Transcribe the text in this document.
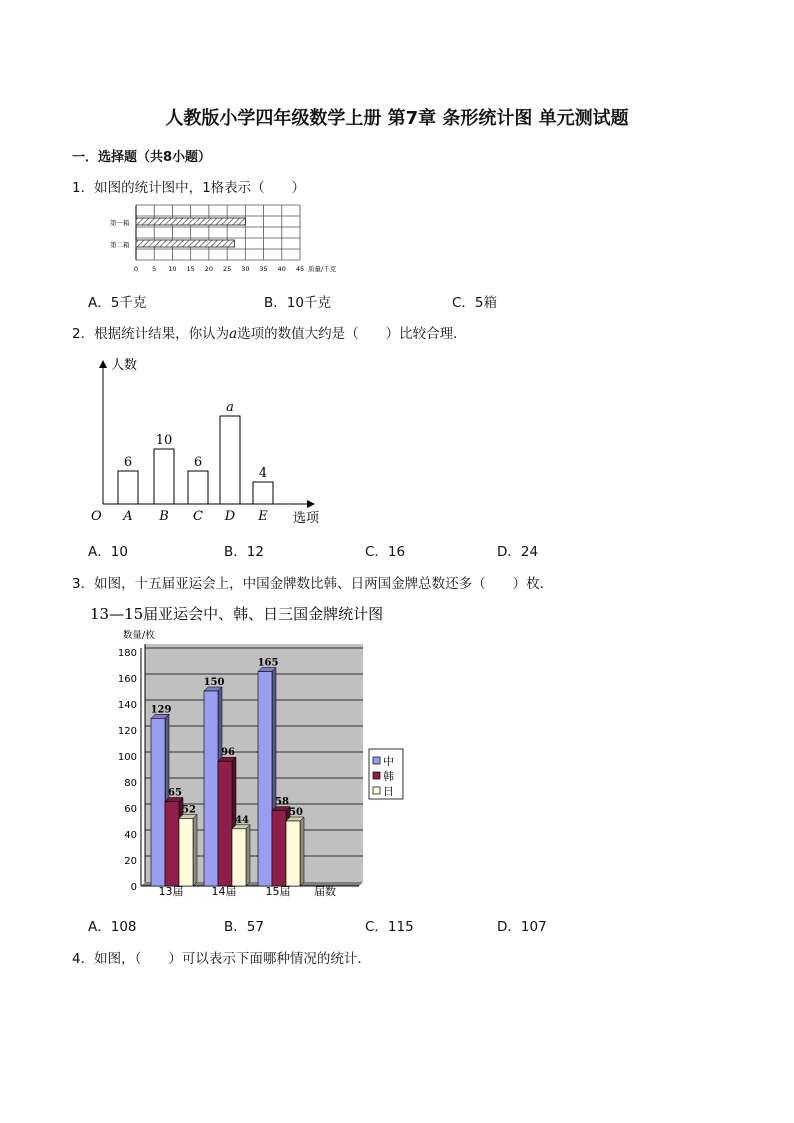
人教版小学四年级数学上册 第7章 条形统计图 单元测试题
一．选择题（共8小题）
1．如图的统计图中，1格表示（　　）
0 5 10 15 20 25 30 35 40 45
第一箱
第二箱
质量/千克
A．5千克	B．10千克	C．5箱
2．根据统计结果，你认为a选项的数值大约是（　　）比较合理．
人数
选项
O
6
A
10
B
6
C
a
D
4
E
A．10	B．12	C．16	D．24
3．如图，十五届亚运会上，中国金牌数比韩、日两国金牌总数还多（　　）枚．
13—15届亚运会中、韩、日三国金牌统计图
数量/枚
0
20
40
60
80
100
120
140
160
180
129
65
52
13届
150
96
44
14届
165
58
50
15届
中
韩
日
届数
A．108	B．57	C．115	D．107
4．如图，（　　）可以表示下面哪种情况的统计．
